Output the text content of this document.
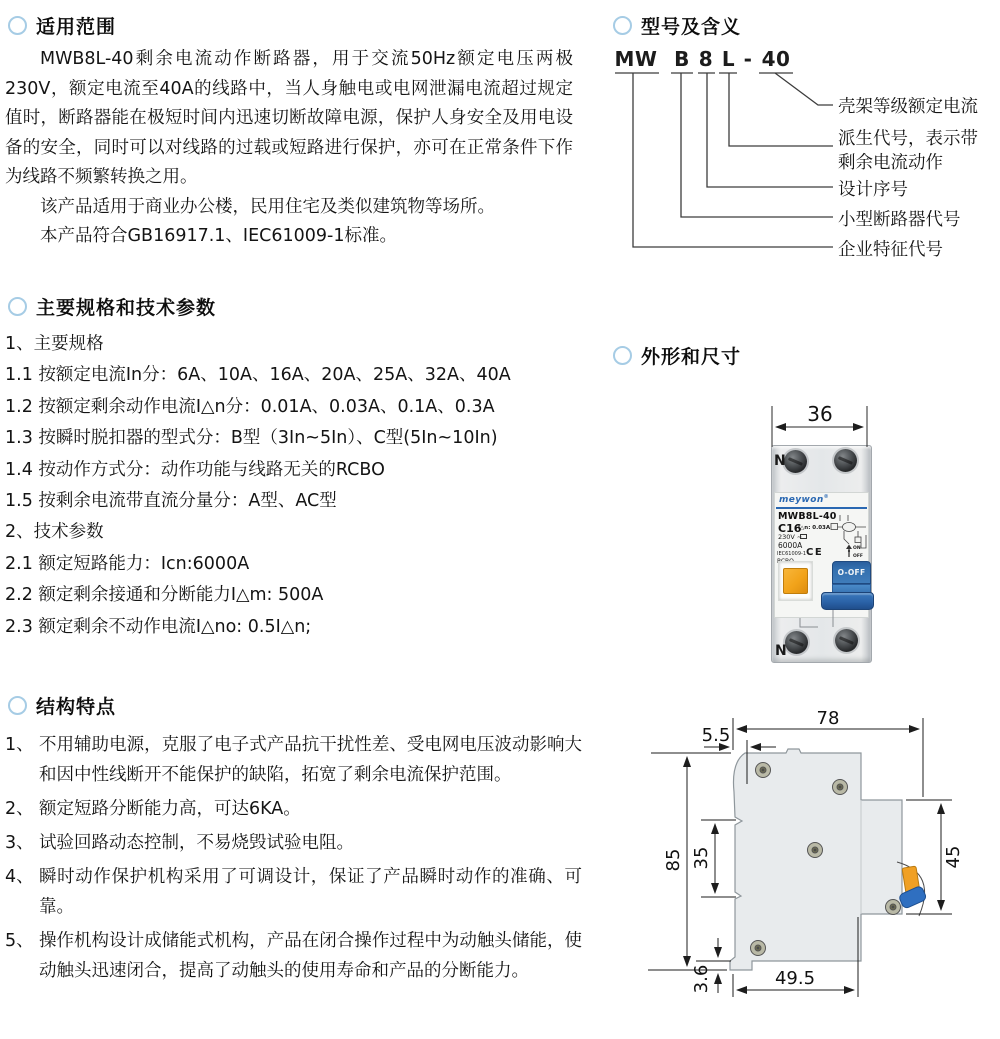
适用范围

MWB8L-40剩余电流动作断路器，用于交流50Hz额定电压两极230V，额定电流至40A的线路中，当人身触电或电网泄漏电流超过规定值时，断路器能在极短时间内迅速切断故障电源，保护人身安全及用电设备的安全，同时可以对线路的过载或短路进行保护，亦可在正常条件下作为线路不频繁转换之用。

该产品适用于商业办公楼，民用住宅及类似建筑物等场所。

本产品符合GB16917.1、IEC61009-1标准。

主要规格和技术参数
1、主要规格
1.1 按额定电流In分：6A、10A、16A、20A、25A、32A、40A
1.2 按额定剩余动作电流I△n分：0.01A、0.03A、0.1A、0.3A
1.3 按瞬时脱扣器的型式分：B型（3In~5In）、C型(5In~10In)
1.4 按动作方式分：动作功能与线路无关的RCBO
1.5 按剩余电流带直流分量分：A型、AC型
2、技术参数
2.1 额定短路能力：Icn:6000A
2.2 额定剩余接通和分断能力I△m: 500A
2.3 额定剩余不动作电流I△no: 0.5I△n;
结构特点
1、 不用辅助电源，克服了电子式产品抗干扰性差、受电网电压波动影响大和因中性线断开不能保护的缺陷，拓宽了剩余电流保护范围。
2、 额定短路分断能力高，可达6KA。
3、 试验回路动态控制，不易烧毁试验电阻。
4、 瞬时动作保护机构采用了可调设计，保证了产品瞬时动作的准确、可靠。
5、 操作机构设计成储能式机构，产品在闭合操作过程中为动触头储能，使动触头迅速闭合，提高了动触头的使用寿命和产品的分断能力。
型号及含义
MW B 8 L - 40
壳架等级额定电流
派生代号，表示带
剩余电流动作
设计序号
小型断路器代号
企业特征代号
外形和尺寸
N
N
meywon®
MWB8L-40
C16
I△n: 0.03A
230V ~
6000A
IEC61009-1 CE
O-OFF
36
ON
OFF
78
5.5
85 35	45
3.6	49.5
